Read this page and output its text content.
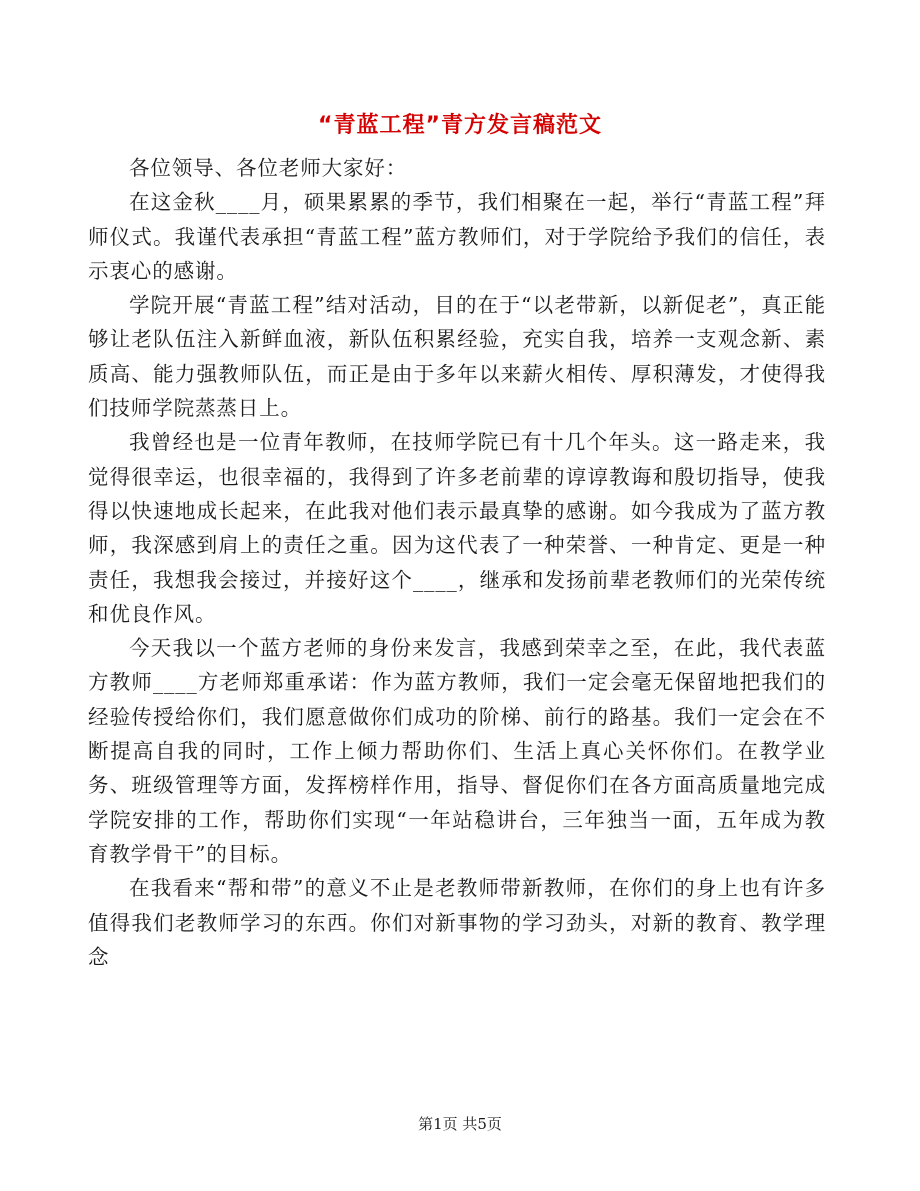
“青蓝工程”青方发言稿范文

各位领导、各位老师大家好：

在这金秋____月，硕果累累的季节，我们相聚在一起，举行“青蓝工程”拜师仪式。我谨代表承担“青蓝工程”蓝方教师们，对于学院给予我们的信任，表示衷心的感谢。

学院开展“青蓝工程”结对活动，目的在于“以老带新，以新促老”，真正能够让老队伍注入新鲜血液，新队伍积累经验，充实自我，培养一支观念新、素质高、能力强教师队伍，而正是由于多年以来薪火相传、厚积薄发，才使得我们技师学院蒸蒸日上。

我曾经也是一位青年教师，在技师学院已有十几个年头。这一路走来，我觉得很幸运，也很幸福的，我得到了许多老前辈的谆谆教诲和殷切指导，使我得以快速地成长起来，在此我对他们表示最真挚的感谢。如今我成为了蓝方教师，我深感到肩上的责任之重。因为这代表了一种荣誉、一种肯定、更是一种责任，我想我会接过，并接好这个____，继承和发扬前辈老教师们的光荣传统和优良作风。

今天我以一个蓝方老师的身份来发言，我感到荣幸之至，在此，我代表蓝方教师____方老师郑重承诺：作为蓝方教师，我们一定会毫无保留地把我们的经验传授给你们，我们愿意做你们成功的阶梯、前行的路基。我们一定会在不断提高自我的同时，工作上倾力帮助你们、生活上真心关怀你们。在教学业务、班级管理等方面，发挥榜样作用，指导、督促你们在各方面高质量地完成学院安排的工作，帮助你们实现“一年站稳讲台，三年独当一面，五年成为教育教学骨干”的目标。

在我看来“帮和带”的意义不止是老教师带新教师，在你们的身上也有许多值得我们老教师学习的东西。你们对新事物的学习劲头，对新的教育、教学理念

第1页 共5页
